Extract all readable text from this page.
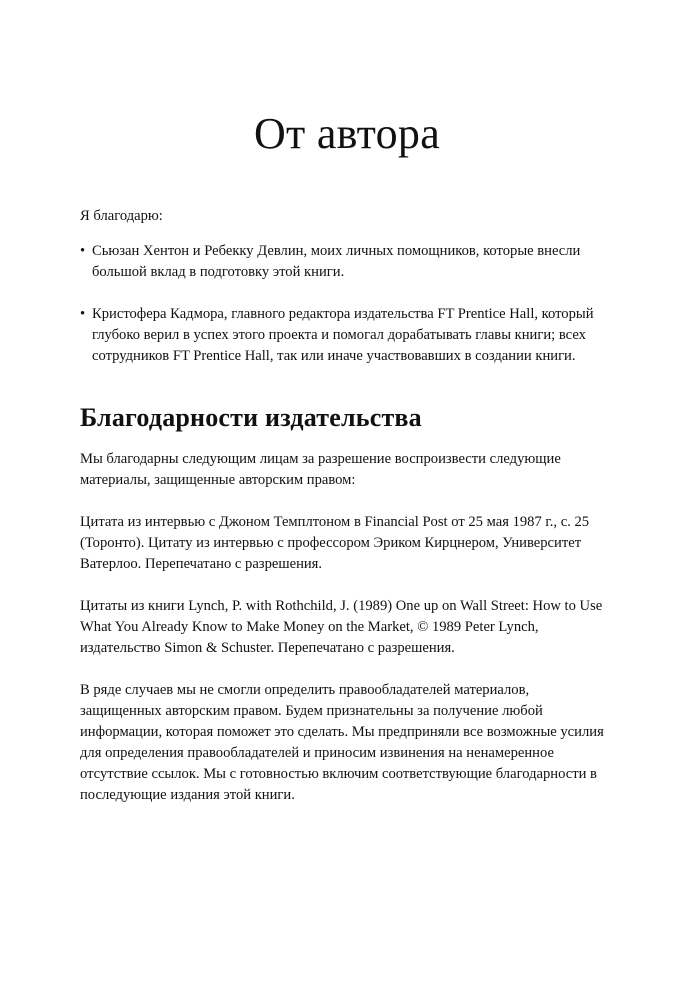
От автора
Я благодарю:
• Сьюзан Хентон и Ребекку Девлин, моих личных помощников, которые внесли большой вклад в подготовку этой книги.
• Кристофера Кадмора, главного редактора издательства FT Prentice Hall, который глубоко верил в успех этого проекта и помогал дорабатывать главы книги; всех сотрудников FT Prentice Hall, так или иначе участвовавших в создании книги.
Благодарности издательства

Мы благодарны следующим лицам за разрешение воспроизвести следующие материалы, защищенные авторским правом:

Цитата из интервью с Джоном Темплтоном в Financial Post от 25 мая 1987 г., с. 25 (Торонто). Цитату из интервью с профессором Эриком Кирцнером, Университет Ватерлоо. Перепечатано с разрешения.

Цитаты из книги Lynch, P. with Rothchild, J. (1989) One up on Wall Street: How to Use What You Already Know to Make Money on the Market, © 1989 Peter Lynch, издательство Simon & Schuster. Перепечатано с разрешения.

В ряде случаев мы не смогли определить правообладателей материалов, защищенных авторским правом. Будем признательны за получение любой информации, которая поможет это сделать. Мы предприняли все возможные усилия для определения правообладателей и приносим извинения на ненамеренное отсутствие ссылок. Мы с готовностью включим соответствующие благодарности в последующие издания этой книги.
